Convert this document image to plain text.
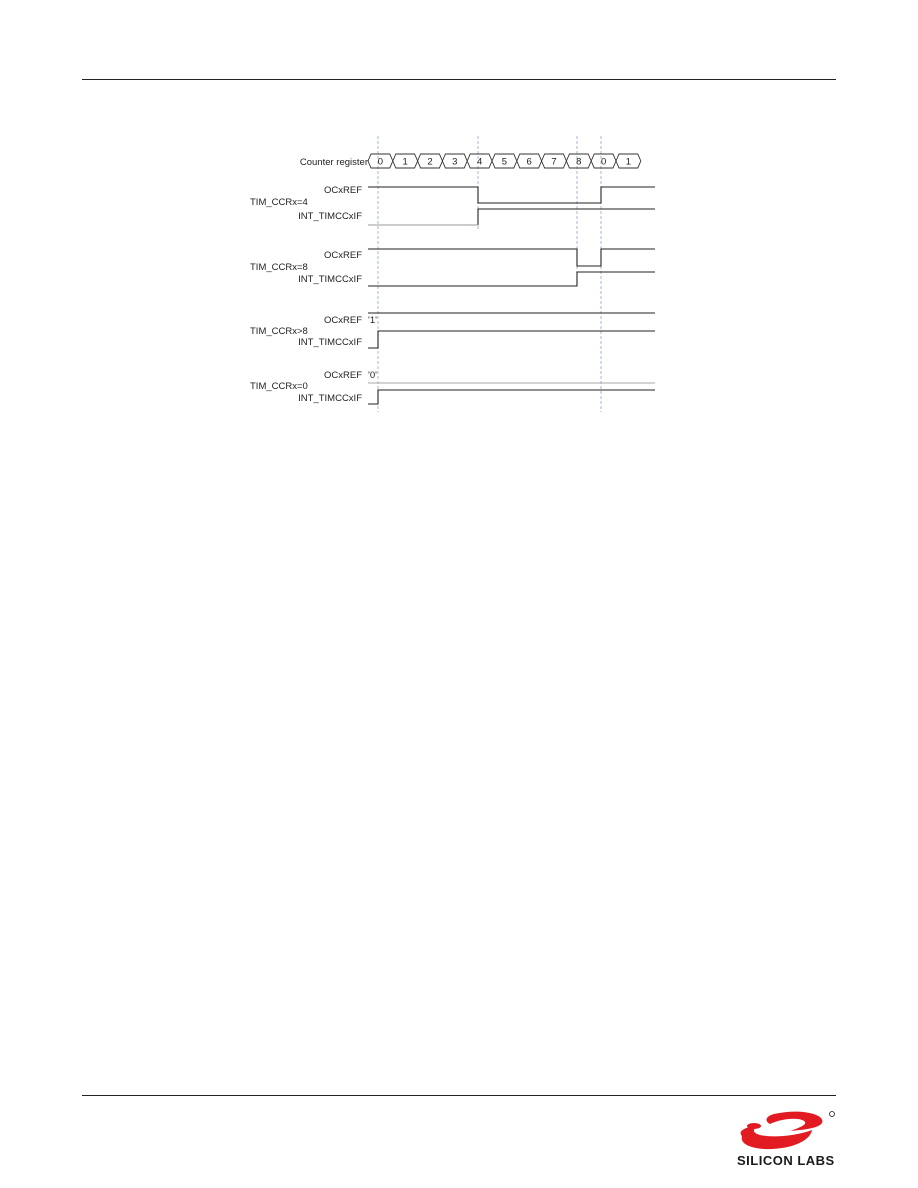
Counter register 0 1 2 3 4 5 6 7 8 0 1
OCxREF
TIM_CCRx=4
INT_TIMCCxIF
OCxREF
TIM_CCRx=8
INT_TIMCCxIF
OCxREF '1'
TIM_CCRx>8
INT_TIMCCxIF
OCxREF '0'
TIM_CCRx=0
INT_TIMCCxIF
SILICON LABS
